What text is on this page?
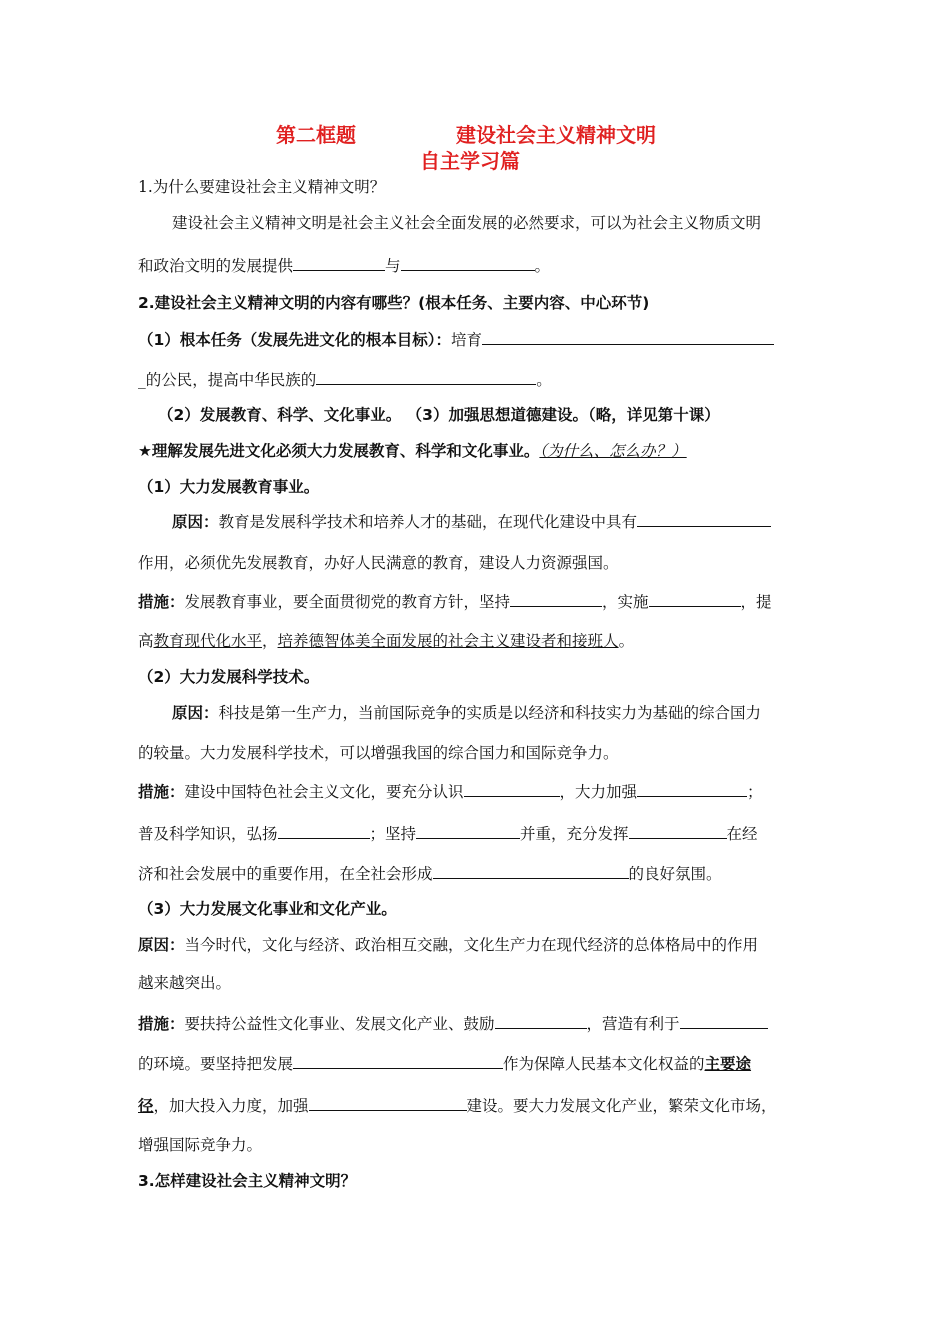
第二框题	建设社会主义精神文明
自主学习篇
1.为什么要建设社会主义精神文明？
建设社会主义精神文明是社会主义社会全面发展的必然要求，可以为社会主义物质文明
和政治文明的发展提供	与	。
2.建设社会主义精神文明的内容有哪些？(根本任务、主要内容、中心环节)
（1）根本任务（发展先进文化的根本目标）：培育
_的公民，提高中华民族的	。
（2）发展教育、科学、文化事业。 （3）加强思想道德建设。（略，详见第十课）
★理解发展先进文化必须大力发展教育、科学和文化事业。（为什么、怎么办？）
（1）大力发展教育事业。
原因：教育是发展科学技术和培养人才的基础，在现代化建设中具有
作用，必须优先发展教育，办好人民满意的教育，建设人力资源强国。
措施：发展教育事业，要全面贯彻党的教育方针，坚持	，实施	，提
高教育现代化水平，培养德智体美全面发展的社会主义建设者和接班人。
（2）大力发展科学技术。
原因：科技是第一生产力，当前国际竞争的实质是以经济和科技实力为基础的综合国力
的较量。大力发展科学技术，可以增强我国的综合国力和国际竞争力。
措施：建设中国特色社会主义文化，要充分认识	，大力加强	；
普及科学知识，弘扬	；坚持	并重，充分发挥	在经
济和社会发展中的重要作用，在全社会形成	的良好氛围。
（3）大力发展文化事业和文化产业。
原因：当今时代，文化与经济、政治相互交融，文化生产力在现代经济的总体格局中的作用
越来越突出。
措施：要扶持公益性文化事业、发展文化产业、鼓励	，营造有利于
的环境。要坚持把发展	作为保障人民基本文化权益的主要途
径，加大投入力度，加强	建设。要大力发展文化产业，繁荣文化市场，
增强国际竞争力。
3.怎样建设社会主义精神文明？
